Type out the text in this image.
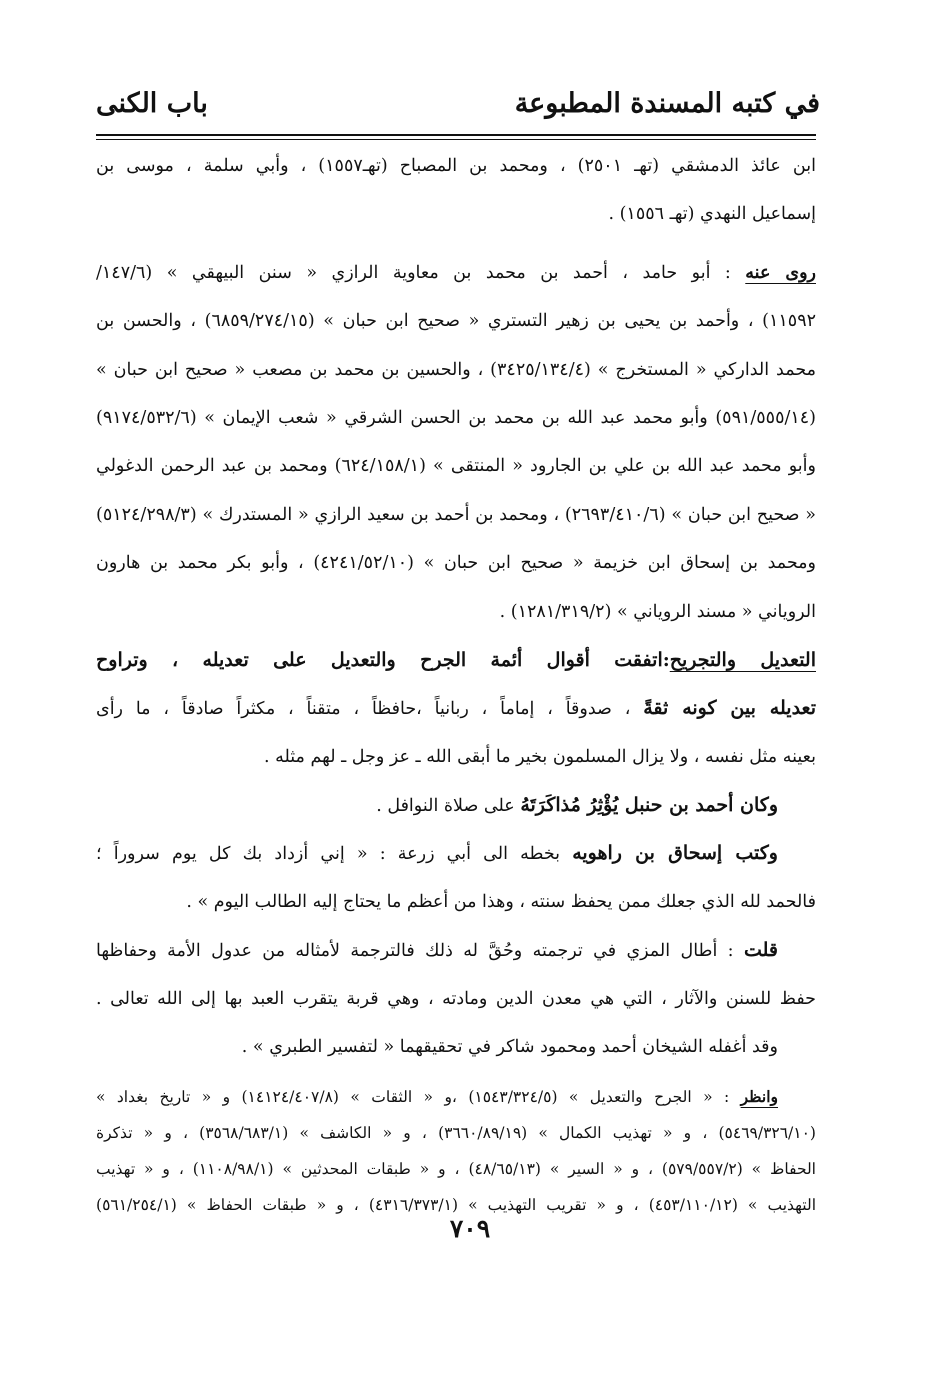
في كتبه المسندة المطبوعة
باب الكنى
ابن عائذ الدمشقي (تهـ ٢٥٠١) ، ومحمد بن المصباح (تهـ١٥٥٧) ، وأبي سلمة ، موسى بن
إسماعيل النهدي (تهـ ١٥٥٦) .
روى عنه : أبو حامد ، أحمد بن محمد بن معاوية الرازي « سنن البيهقي » (١٤٧/٦/
١١٥٩٢) ، وأحمد بن يحيى بن زهير التستري « صحيح ابن حبان » (٦٨٥٩/٢٧٤/١٥) ، والحسن بن
محمد الداركي « المستخرج » (٣٤٢٥/١٣٤/٤) ، والحسين بن محمد بن مصعب « صحيح ابن حبان »
(٥٩١/٥٥٥/١٤) وأبو محمد عبد الله بن محمد بن الحسن الشرقي « شعب الإيمان » (٩١٧٤/٥٣٢/٦)
وأبو محمد عبد الله بن علي بن الجارود « المنتقى » (٦٢٤/١٥٨/١) ومحمد بن عبد الرحمن الدغولي
« صحيح ابن حبان » (٢٦٩٣/٤١٠/٦) ، ومحمد بن أحمد بن سعيد الرازي « المستدرك » (٥١٢٤/٢٩٨/٣)
ومحمد بن إسحاق ابن خزيمة « صحيح ابن حبان » (٤٢٤١/٥٢/١٠) ، وأبو بكر محمد بن هارون
الروياني « مسند الروياني » (١٢٨١/٣١٩/٢) .
التعديل والتجريح:اتفقت أقوال أئمة الجرح والتعديل على تعديله ، وتراوح
تعديله بين كونه ثقةً ، صدوقاً ، إماماً ، ربانياً ،حافظاً ، متقناً ، مكثراً صادقاً ، ما رأى
بعينه مثل نفسه ، ولا يزال المسلمون بخير ما أبقى الله ـ عز وجل ـ لهم مثله .
وكان أحمد بن حنبل يُؤْثِرُ مُذاكَرَتَهُ على صلاة النوافل .
وكتب إسحاق بن راهويه بخطه الى أبي زرعة : « إني أزداد بك كل يوم سروراً ؛
فالحمد لله الذي جعلك ممن يحفظ سنته ، وهذا من أعظم ما يحتاج إليه الطالب اليوم » .
قلت : أطال المزي في ترجمته وحُقَّ له ذلك فالترجمة لأمثاله من عدول الأمة وحفاظها
حفظ للسنن والآثار ، التي هي معدن الدين ومادته ، وهي قربة يتقرب العبد بها إلى الله تعالى .
وقد أغفله الشيخان أحمد ومحمود شاكر في تحقيقهما « لتفسير الطبري » .
وانظر : « الجرح والتعديل » (١٥٤٣/٣٢٤/٥) ،و « الثقات » (١٤١٢٤/٤٠٧/٨) و « تاريخ بغداد »
(٥٤٦٩/٣٢٦/١٠) ، و « تهذيب الكمال » (٣٦٦٠/٨٩/١٩) ، و « الكاشف » (٣٥٦٨/٦٨٣/١) ، و « تذكرة
الحفاظ » (٥٧٩/٥٥٧/٢) ، و « السير » (٤٨/٦٥/١٣) ، و « طبقات المحدثين » (١١٠٨/٩٨/١) ، و « تهذيب
التهذيب » (٤٥٣/١١٠/١٢) ، و « تقريب التهذيب » (٤٣١٦/٣٧٣/١) ، و « طبقات الحفاظ » (٥٦١/٢٥٤/١)
٧٠٩
